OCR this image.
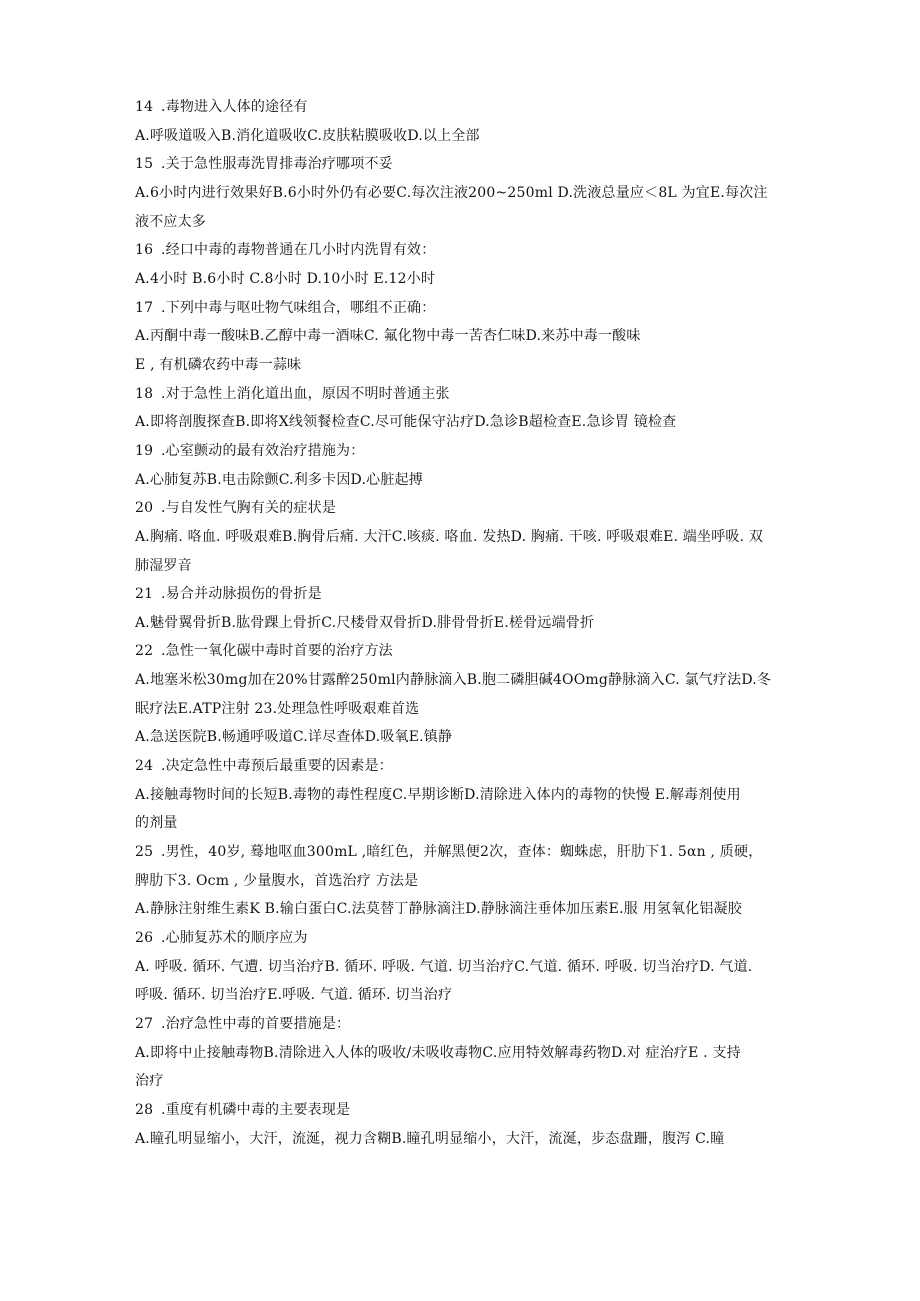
14 .毒物进入人体的途径有
A.呼吸道吸入B.消化道吸收C.皮肤粘膜吸收D.以上全部
15 .关于急性服毒洗胃排毒治疗哪项不妥
A.6小时内进行效果好B.6小时外仍有必要C.每次注液200~250ml D.洗液总量应＜8L 为宜E.每次注
液不应太多
16 .经口中毒的毒物普通在几小时内洗胃有效：
A.4小时 B.6小时 C.8小时 D.10小时 E.12小时
17 .下列中毒与呕吐物气味组合，哪组不正确：
A.丙酮中毒一酸味B.乙醇中毒一酒味C. 氟化物中毒一苦杏仁味D.来苏中毒一酸味
E , 有机磷农药中毒一蒜味
18 .对于急性上消化道出血，原因不明时普通主张
A.即将剖腹探查B.即将X线领餐检查C.尽可能保守沾疗D.急诊B超检查E.急诊胃 镜检查
19 .心室颤动的最有效治疗措施为：
A.心肺复苏B.电击除颤C.利多卡因D.心脏起搏
20 .与自发性气胸有关的症状是
A.胸痛. 咯血. 呼吸艰难B.胸骨后痛. 大汗C.咳痰. 咯血. 发热D. 胸痛. 干咳. 呼吸艰难E. 端坐呼吸. 双
肺湿罗音
21 .易合并动脉损伤的骨折是
A.魅骨翼骨折B.肱骨踝上骨折C.尺楼骨双骨折D.腓骨骨折E.槎骨远端骨折
22 .急性一氧化碳中毒时首要的治疗方法
A.地塞米松30mg加在20%甘露醉250ml内静脉滴入B.胞二磷胆碱4OOmg静脉滴入C. 氯气疗法D.冬
眠疗法E.ATP注射 23.处理急性呼吸艰难首选
A.急送医院B.畅通呼吸道C.详尽查体D.吸氧E.镇静
24 .决定急性中毒预后最重要的因素是：
A.接触毒物时间的长短B.毒物的毒性程度C.早期诊断D.清除进入体内的毒物的快慢 E.解毒剂使用
的剂量
25 .男性，40岁, 蓦地呕血300mL ,暗红色，并解黑便2次，查体：蜘蛛虑，肝肋下1. 5αn , 质硬，
脾肋下3. Ocm , 少量腹水，首选治疗 方法是
A.静脉注射维生素K B.输白蛋白C.法莫替丁静脉滴注D.静脉滴注垂体加压素E.服 用氢氧化铝凝胶
26 .心肺复苏术的顺序应为
A. 呼吸. 循环. 气遭. 切当治疗B. 循环. 呼吸. 气道. 切当治疗C.气道. 循环. 呼吸. 切当治疗D. 气道.
呼吸. 循环. 切当治疗E.呼吸. 气道. 循环. 切当治疗
27 .治疗急性中毒的首要措施是：
A.即将中止接触毒物B.清除进入人体的吸收/未吸收毒物C.应用特效解毒药物D.对 症治疗E . 支持
治疗
28 .重度有机磷中毒的主要表现是
A.瞳孔明显缩小，大汗，流涎，视力含糊B.瞳孔明显缩小，大汗，流涎，步态盘跚，腹泻 C.瞳
